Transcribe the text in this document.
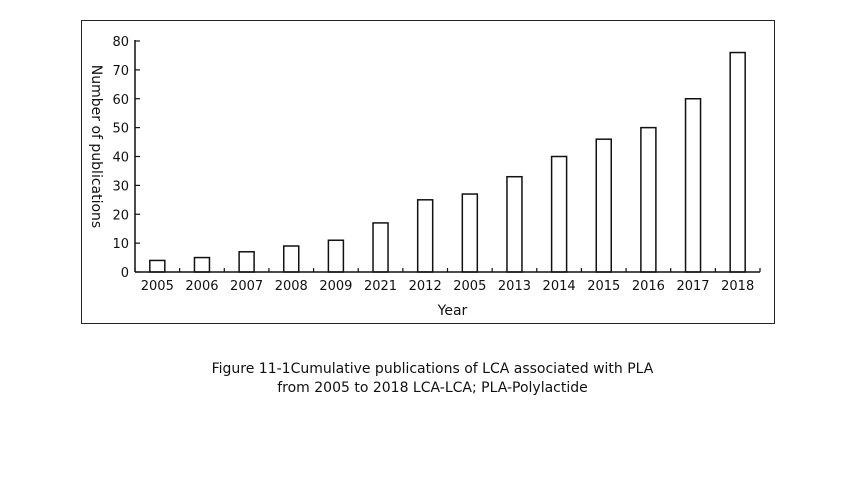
0
10
20
30
40
50
60
70
80
2005 2006 2007 2008 2009 2021 2012 2005 2013 2014 2015 2016 2017 2018
Year
Number of publications
Figure 11-1Cumulative publications of LCA associated with PLA
from 2005 to 2018 LCA-LCA; PLA-Polylactide
